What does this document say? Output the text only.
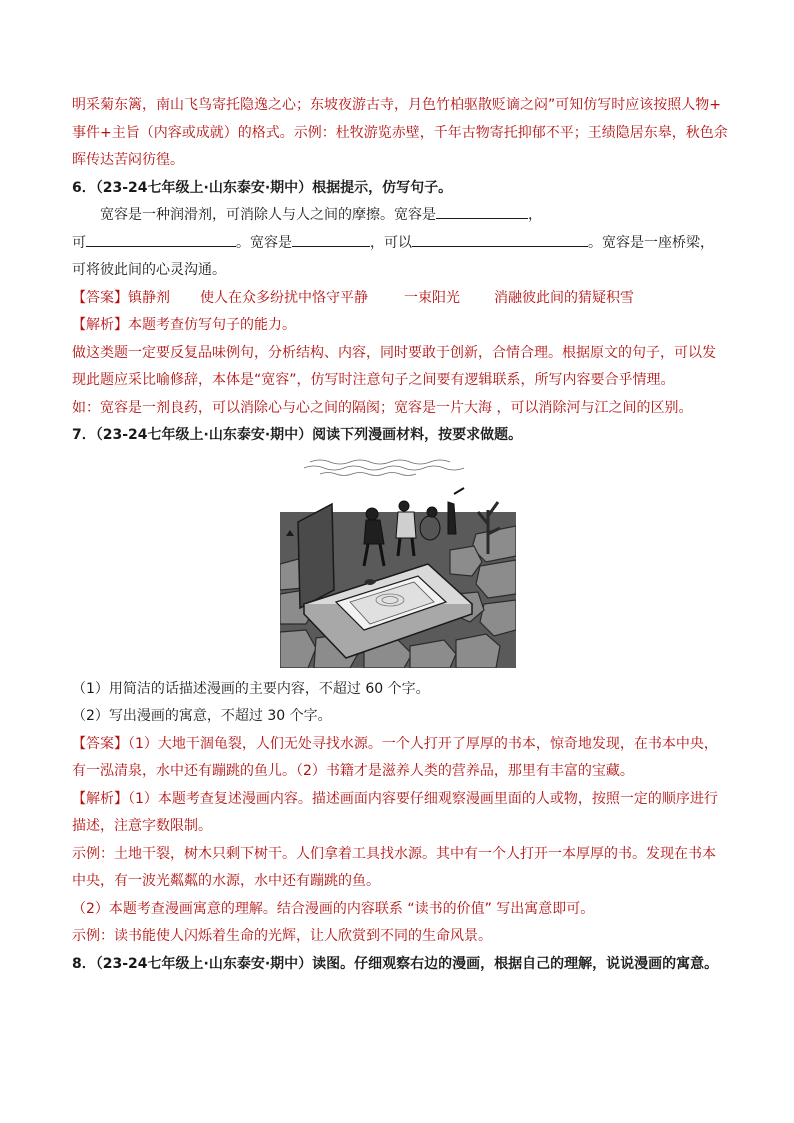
明采菊东篱，南山飞鸟寄托隐逸之心；东坡夜游古寺，月色竹柏驱散贬谪之闷”可知仿写时应该按照人物+
事件+主旨（内容或成就）的格式。示例：杜牧游览赤壁，千年古物寄托抑郁不平；王绩隐居东皋，秋色余
晖传达苦闷彷徨。
6．（23-24七年级上·山东泰安·期中）根据提示，仿写句子。
宽容是一种润滑剂，可消除人与人之间的摩擦。宽容是	，
可	。宽容是	，可以	。宽容是一座桥梁，
可将彼此间的心灵沟通。
【答案】镇静剂 使人在众多纷扰中恪守平静	一束阳光 消融彼此间的猜疑积雪
【解析】本题考查仿写句子的能力。
做这类题一定要反复品味例句，分析结构、内容，同时要敢于创新，合情合理。根据原文的句子，可以发
现此题应采比喻修辞，本体是“宽容”，仿写时注意句子之间要有逻辑联系，所写内容要合乎情理。
如：宽容是一剂良药，可以消除心与心之间的隔阂；宽容是一片大海 ，可以消除河与江之间的区别。
7．（23-24七年级上·山东泰安·期中）阅读下列漫画材料，按要求做题。
（1）用简洁的话描述漫画的主要内容，不超过 60 个字。
（2）写出漫画的寓意，不超过 30 个字。
【答案】（1）大地干涸龟裂，人们无处寻找水源。一个人打开了厚厚的书本，惊奇地发现，在书本中央，
有一泓清泉，水中还有蹦跳的鱼儿。（2）书籍才是滋养人类的营养品，那里有丰富的宝藏。
【解析】（1）本题考查复述漫画内容。描述画面内容要仔细观察漫画里面的人或物，按照一定的顺序进行
描述，注意字数限制。
示例：土地干裂，树木只剩下树干。人们拿着工具找水源。其中有一个人打开一本厚厚的书。发现在书本
中央，有一波光粼粼的水源，水中还有蹦跳的鱼。
（2）本题考查漫画寓意的理解。结合漫画的内容联系 “读书的价值” 写出寓意即可。
示例：读书能使人闪烁着生命的光辉，让人欣赏到不同的生命风景。
8．（23-24七年级上·山东泰安·期中）读图。仔细观察右边的漫画，根据自己的理解，说说漫画的寓意。
